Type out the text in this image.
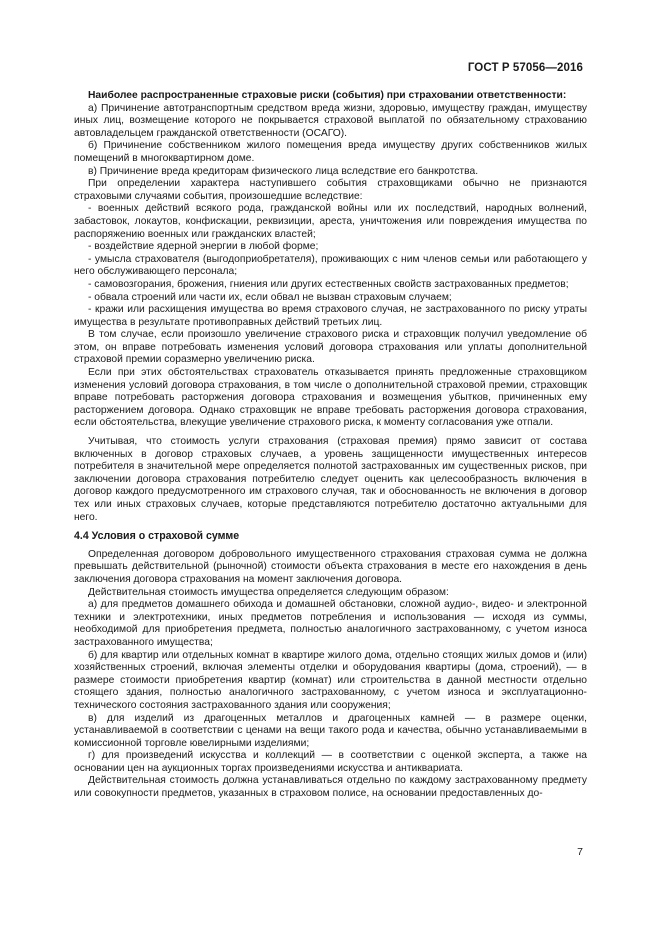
ГОСТ Р 57056—2016

Наиболее распространенные страховые риски (события) при страховании ответственности:

а) Причинение автотранспортным средством вреда жизни, здоровью, имуществу граждан, имуществу иных лиц, возмещение которого не покрывается страховой выплатой по обязательному страхованию автовладельцем гражданской ответственности (ОСАГО).

б) Причинение собственником жилого помещения вреда имуществу других собственников жилых помещений в многоквартирном доме.

в) Причинение вреда кредиторам физического лица вследствие его банкротства.

При определении характера наступившего события страховщиками обычно не признаются страховыми случаями события, произошедшие вследствие:

- военных действий всякого рода, гражданской войны или их последствий, народных волнений, забастовок, локаутов, конфискации, реквизиции, ареста, уничтожения или повреждения имущества по распоряжению военных или гражданских властей;

- воздействие ядерной энергии в любой форме;

- умысла страхователя (выгодоприобретателя), проживающих с ним членов семьи или работающего у него обслуживающего персонала;

- самовозгорания, брожения, гниения или других естественных свойств застрахованных предметов;

- обвала строений или части их, если обвал не вызван страховым случаем;

- кражи или расхищения имущества во время страхового случая, не застрахованного по риску утраты имущества в результате противоправных действий третьих лиц.

В том случае, если произошло увеличение страхового риска и страховщик получил уведомление об этом, он вправе потребовать изменения условий договора страхования или уплаты дополнительной страховой премии соразмерно увеличению риска.

Если при этих обстоятельствах страхователь отказывается принять предложенные страховщиком изменения условий договора страхования, в том числе о дополнительной страховой премии, страховщик вправе потребовать расторжения договора страхования и возмещения убытков, причиненных ему расторжением договора. Однако страховщик не вправе требовать расторжения договора страхования, если обстоятельства, влекущие увеличение страхового риска, к моменту согласования уже отпали.

Учитывая, что стоимость услуги страхования (страховая премия) прямо зависит от состава включенных в договор страховых случаев, а уровень защищенности имущественных интересов потребителя в значительной мере определяется полнотой застрахованных им существенных рисков, при заключении договора страхования потребителю следует оценить как целесообразность включения в договор каждого предусмотренного им страхового случая, так и обоснованность не включения в договор тех или иных страховых случаев, которые представляются потребителю достаточно актуальными для него.

4.4 Условия о страховой сумме

Определенная договором добровольного имущественного страхования страховая сумма не должна превышать действительной (рыночной) стоимости объекта страхования в месте его нахождения в день заключения договора страхования на момент заключения договора.

Действительная стоимость имущества определяется следующим образом:

а) для предметов домашнего обихода и домашней обстановки, сложной аудио-, видео- и электронной техники и электротехники, иных предметов потребления и использования — исходя из суммы, необходимой для приобретения предмета, полностью аналогичного застрахованному, с учетом износа застрахованного имущества;

б) для квартир или отдельных комнат в квартире жилого дома, отдельно стоящих жилых домов и (или) хозяйственных строений, включая элементы отделки и оборудования квартиры (дома, строений), — в размере стоимости приобретения квартир (комнат) или строительства в данной местности отдельно стоящего здания, полностью аналогичного застрахованному, с учетом износа и эксплуатационно-технического состояния застрахованного здания или сооружения;

в) для изделий из драгоценных металлов и драгоценных камней — в размере оценки, устанавливаемой в соответствии с ценами на вещи такого рода и качества, обычно устанавливаемыми в комиссионной торговле ювелирными изделиями;

г) для произведений искусства и коллекций — в соответствии с оценкой эксперта, а также на основании цен на аукционных торгах произведениями искусства и антиквариата.

Действительная стоимость должна устанавливаться отдельно по каждому застрахованному предмету или совокупности предметов, указанных в страховом полисе, на основании предоставленных до-

7
